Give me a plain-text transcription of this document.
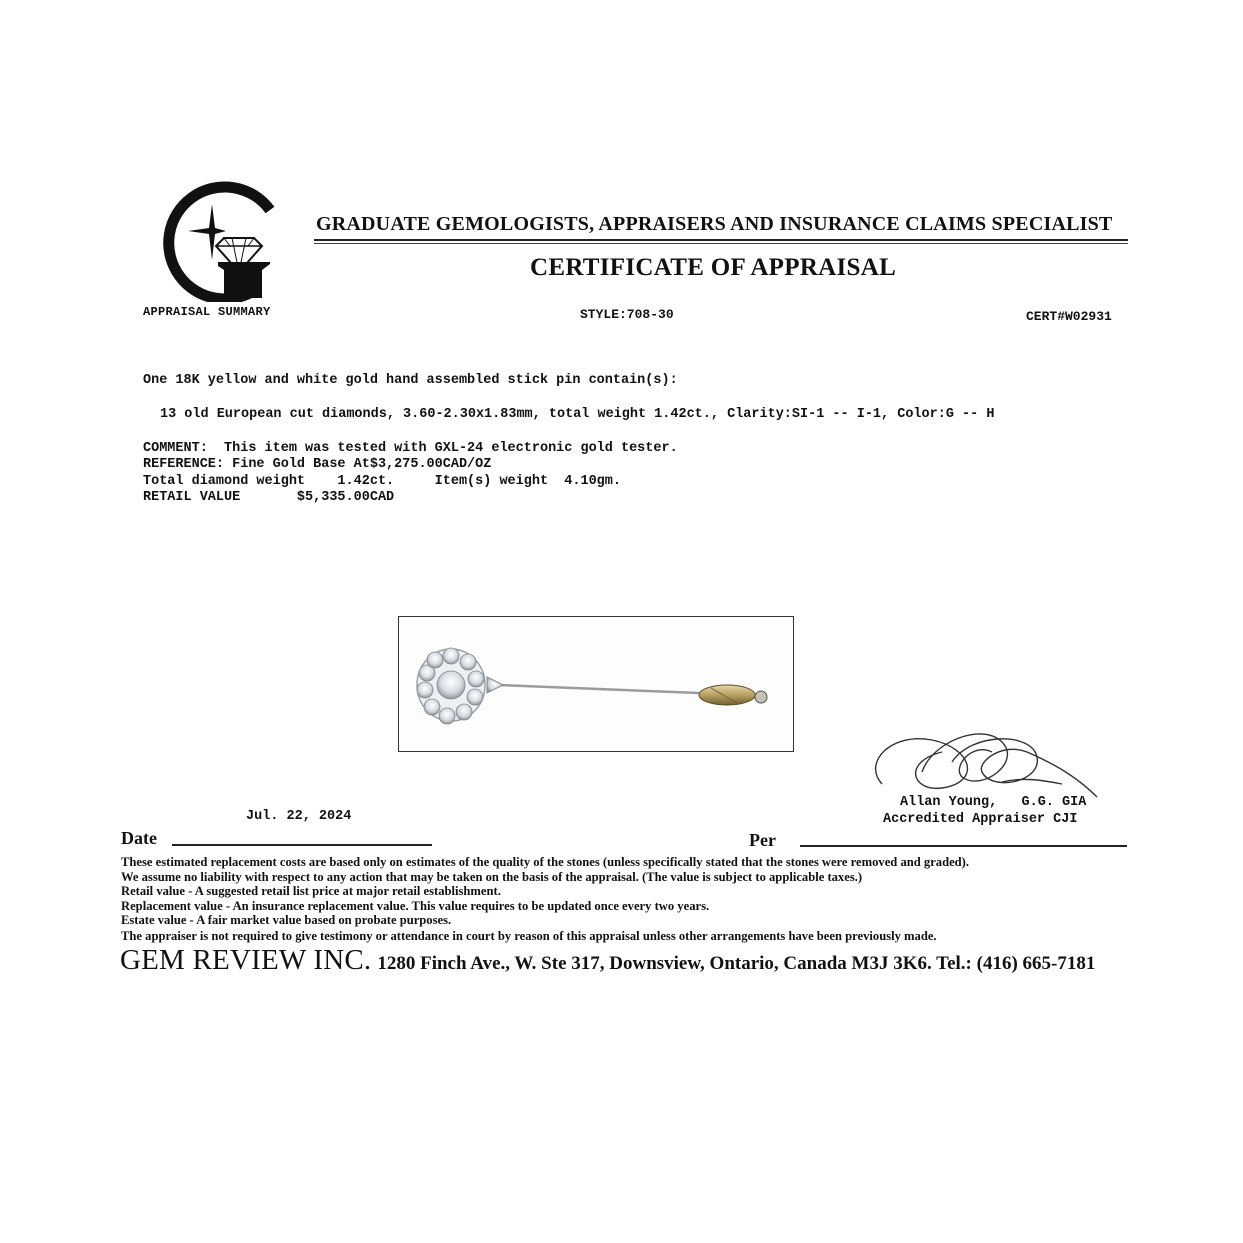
APPRAISAL SUMMARY
GRADUATE GEMOLOGISTS, APPRAISERS AND INSURANCE CLAIMS SPECIALIST
CERTIFICATE OF APPRAISAL
STYLE:708-30	CERT#W02931
One 18K yellow and white gold hand assembled stick pin contain(s):
13 old European cut diamonds, 3.60-2.30x1.83mm, total weight 1.42ct., Clarity:SI-1 -- I-1, Color:G -- H
COMMENT:  This item was tested with GXL-24 electronic gold tester.
REFERENCE: Fine Gold Base At$3,275.00CAD/OZ
Total diamond weight    1.42ct.     Item(s) weight  4.10gm.
RETAIL VALUE       $5,335.00CAD
Allan Young,   G.G. GIA
Accredited Appraiser CJI
Jul. 22, 2024
Date	Per
These estimated replacement costs are based only on estimates of the quality of the stones (unless specifically stated that the stones were removed and graded).
We assume no liability with respect to any action that may be taken on the basis of the appraisal. (The value is subject to applicable taxes.)
Retail value - A suggested retail list price at major retail establishment.
Replacement value - An insurance replacement value. This value requires to be updated once every two years.
Estate value - A fair market value based on probate purposes.
The appraiser is not required to give testimony or attendance in court by reason of this appraisal unless other arrangements have been previously made.
GEM REVIEW INC. 1280 Finch Ave., W. Ste 317, Downsview, Ontario, Canada M3J 3K6. Tel.: (416) 665-7181
